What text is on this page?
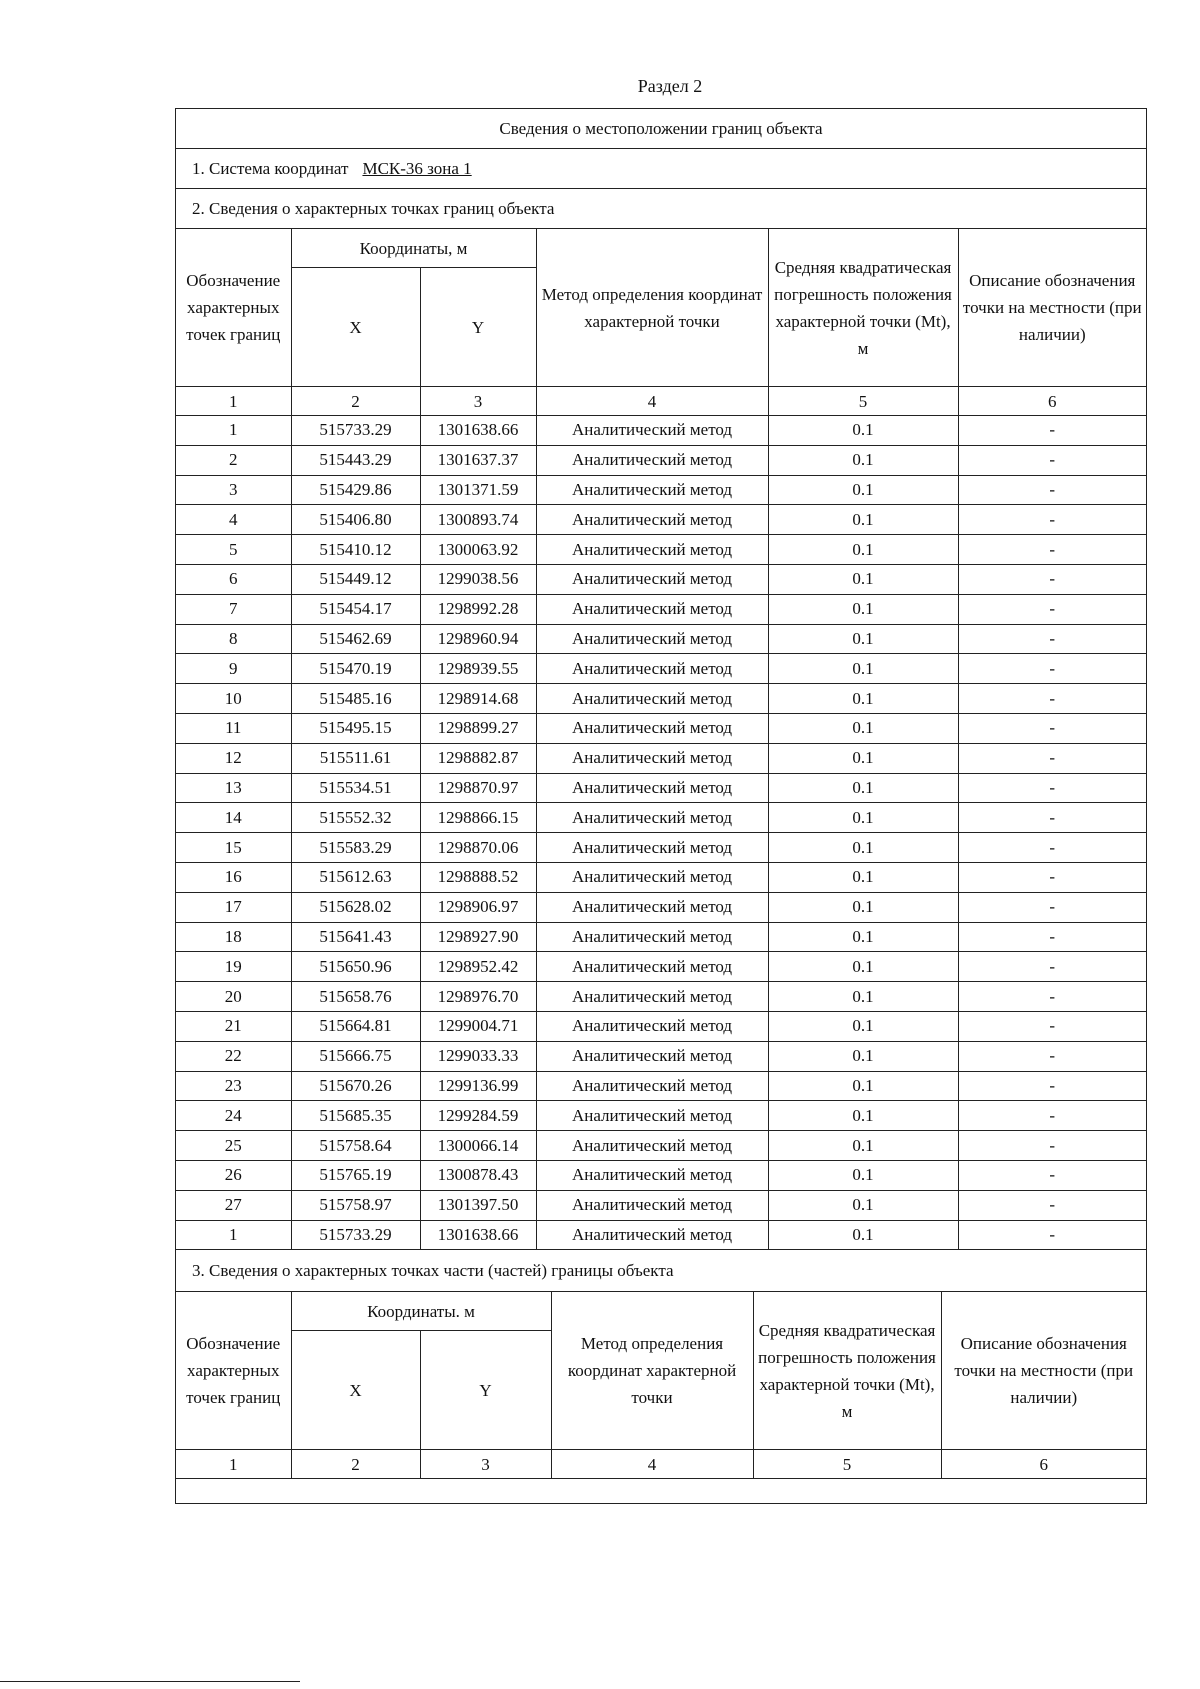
Раздел 2
Сведения о местоположении границ объекта
1. Система координат МСК-36 зона 1
2. Сведения о характерных точках границ объекта
Обозначение характерных точек границ	Координаты, м		Метод определения координат характерной точки	Средняя квадратическая погрешность положения характерной точки (Mt), м	Описание обозначения точки на местности (при наличии)
	X	Y			
1	2	3	4	5	6
1	515733.29	1301638.66	Аналитический метод	0.1	-
2	515443.29	1301637.37	Аналитический метод	0.1	-
3	515429.86	1301371.59	Аналитический метод	0.1	-
4	515406.80	1300893.74	Аналитический метод	0.1	-
5	515410.12	1300063.92	Аналитический метод	0.1	-
6	515449.12	1299038.56	Аналитический метод	0.1	-
7	515454.17	1298992.28	Аналитический метод	0.1	-
8	515462.69	1298960.94	Аналитический метод	0.1	-
9	515470.19	1298939.55	Аналитический метод	0.1	-
10	515485.16	1298914.68	Аналитический метод	0.1	-
11	515495.15	1298899.27	Аналитический метод	0.1	-
12	515511.61	1298882.87	Аналитический метод	0.1	-
13	515534.51	1298870.97	Аналитический метод	0.1	-
14	515552.32	1298866.15	Аналитический метод	0.1	-
15	515583.29	1298870.06	Аналитический метод	0.1	-
16	515612.63	1298888.52	Аналитический метод	0.1	-
17	515628.02	1298906.97	Аналитический метод	0.1	-
18	515641.43	1298927.90	Аналитический метод	0.1	-
19	515650.96	1298952.42	Аналитический метод	0.1	-
20	515658.76	1298976.70	Аналитический метод	0.1	-
21	515664.81	1299004.71	Аналитический метод	0.1	-
22	515666.75	1299033.33	Аналитический метод	0.1	-
23	515670.26	1299136.99	Аналитический метод	0.1	-
24	515685.35	1299284.59	Аналитический метод	0.1	-
25	515758.64	1300066.14	Аналитический метод	0.1	-
26	515765.19	1300878.43	Аналитический метод	0.1	-
27	515758.97	1301397.50	Аналитический метод	0.1	-
1	515733.29	1301638.66	Аналитический метод	0.1	-
3. Сведения о характерных точках части (частей) границы объекта
Обозначение характерных точек границ	Координаты. м		Метод определения координат характерной точки	Средняя квадратическая погрешность положения характерной точки (Mt), м	Описание обозначения точки на местности (при наличии)
	X	Y			
1	2	3	4	5	6
